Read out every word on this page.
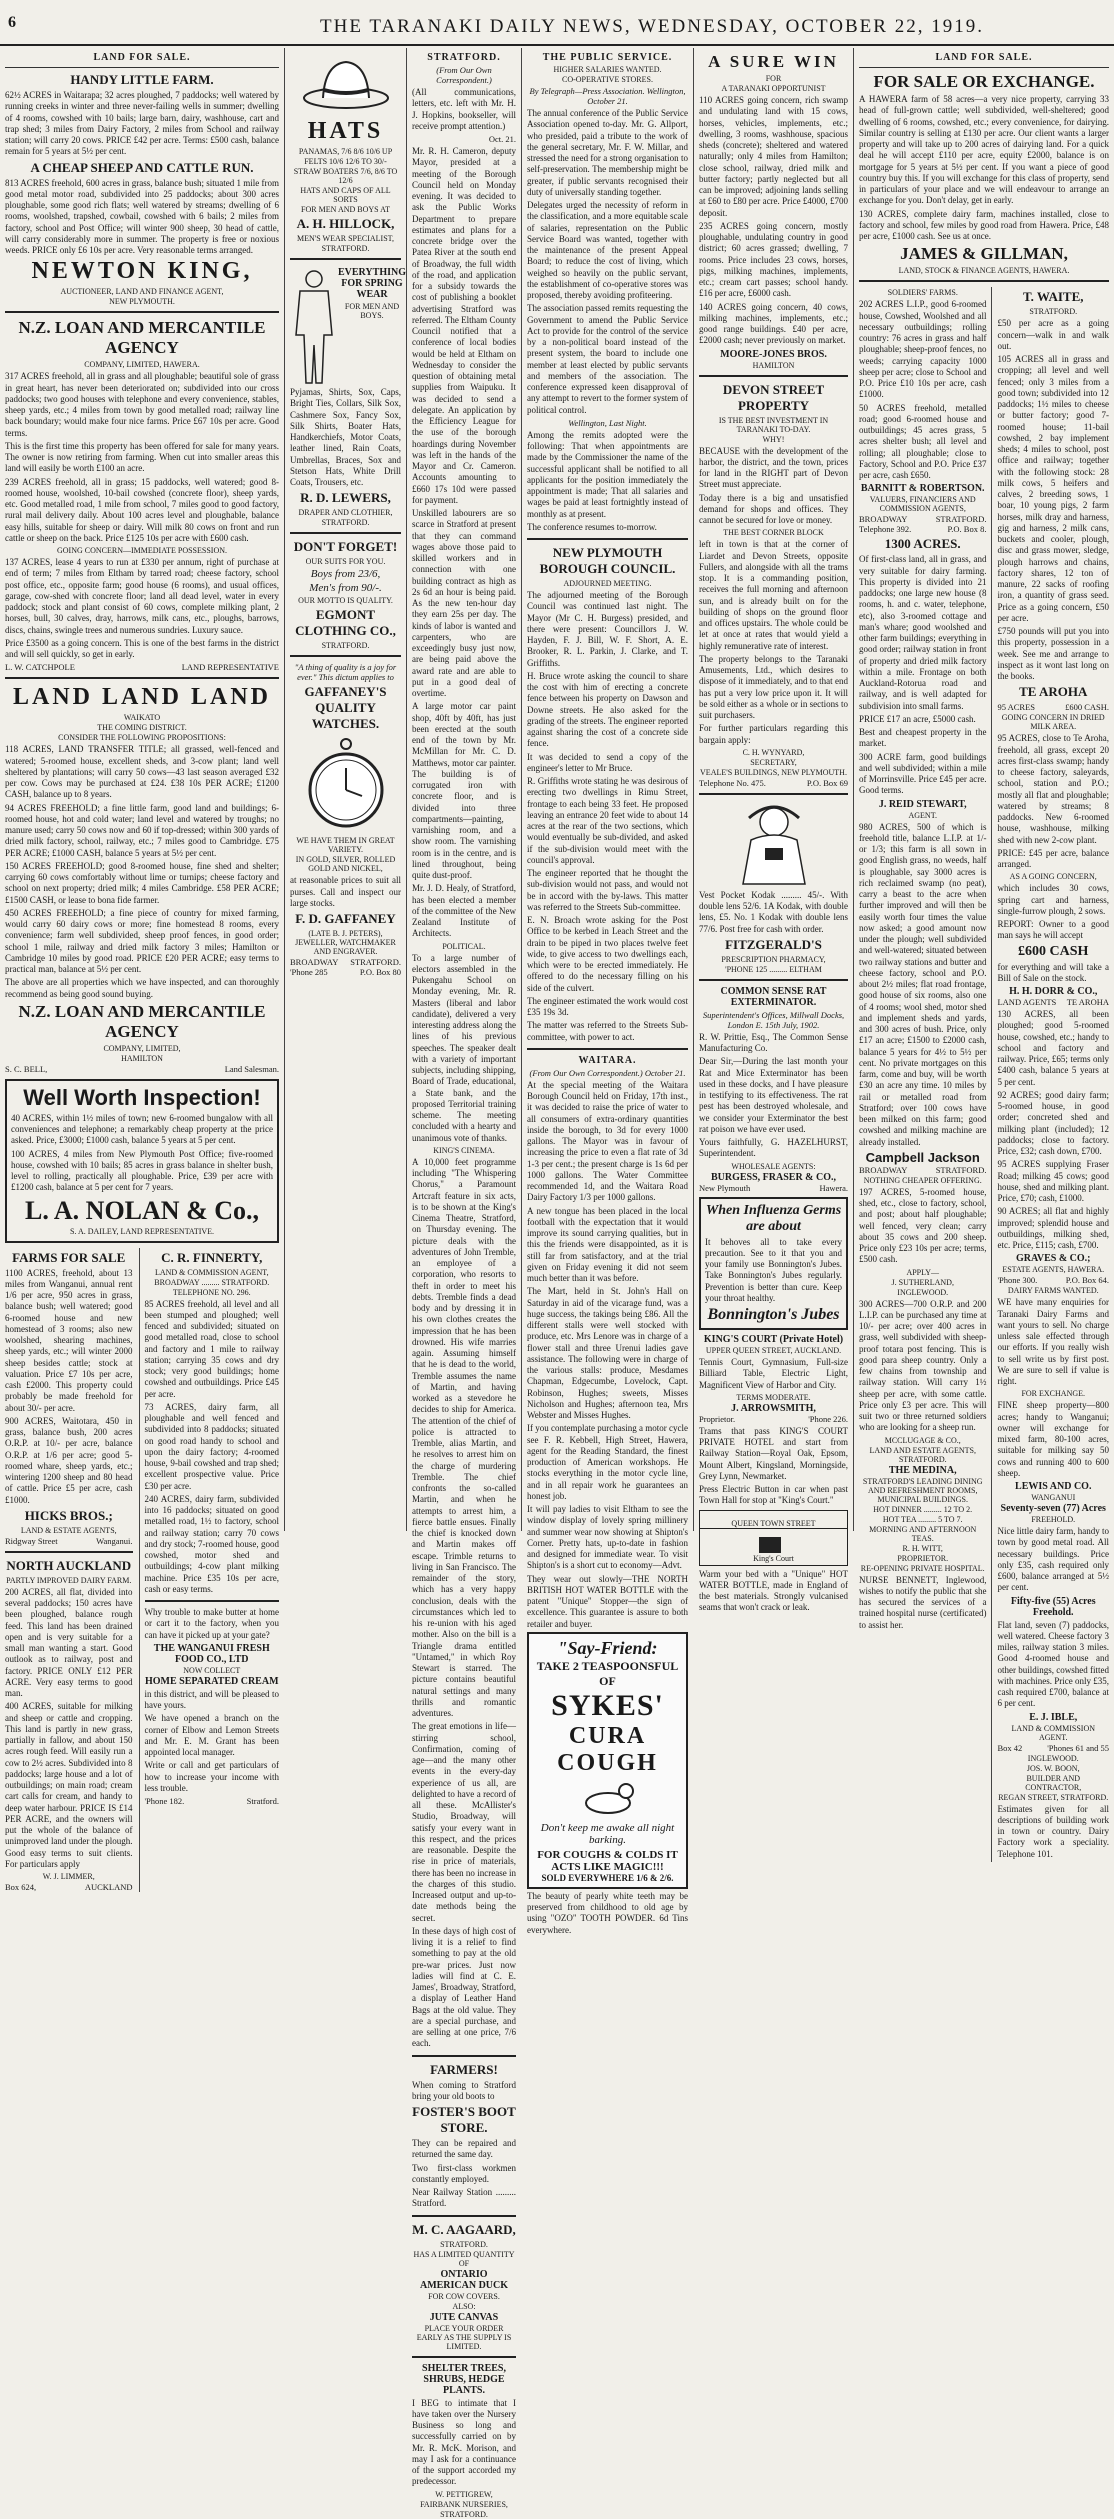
6	THE TARANAKI DAILY NEWS, WEDNESDAY, OCTOBER 22, 1919.
LAND FOR SALE.
HANDY LITTLE FARM.

62½ ACRES in Waitarapa; 32 acres ploughed, 7 paddocks; well watered by running creeks in winter and three never-failing wells in summer; dwelling of 4 rooms, cowshed with 10 bails; large barn, dairy, washhouse, cart and trap shed; 3 miles from Dairy Factory, 2 miles from School and railway station; will carry 20 cows. PRICE £42 per acre. Terms: £500 cash, balance remain for 5 years at 5½ per cent.

A CHEAP SHEEP AND CATTLE RUN.

813 ACRES freehold, 600 acres in grass, balance bush; situated 1 mile from good metal motor road, subdivided into 25 paddocks; about 300 acres ploughable, some good rich flats; well watered by streams; dwelling of 6 rooms, woolshed, trapshed, cowbail, cowshed with 6 bails; 2 miles from factory, school and Post Office; will winter 900 sheep, 30 head of cattle, will carry considerably more in summer. The property is free or noxious weeds. PRICE only £6 10s per acre. Very reasonable terms arranged.

NEWTON KING,
AUCTIONEER, LAND AND FINANCE AGENT,
NEW PLYMOUTH.
N.Z. LOAN AND MERCANTILE AGENCY
COMPANY, LIMITED, HAWERA.

317 ACRES freehold, all in grass and all ploughable; beautiful sole of grass in great heart, has never been deteriorated on; subdivided into our cross paddocks; two good houses with telephone and every convenience, stables, sheep yards, etc.; 4 miles from town by good metalled road; railway line back boundary; would make four nice farms. Price £67 10s per acre. Good terms.

This is the first time this property has been offered for sale for many years. The owner is now retiring from farming. When cut into smaller areas this land will easily be worth £100 an acre.

239 ACRES freehold, all in grass; 15 paddocks, well watered; good 8-roomed house, woolshed, 10-bail cowshed (concrete floor), sheep yards, etc. Good metalled road, 1 mile from school, 7 miles good to good factory, rural mail delivery daily. About 100 acres level and ploughable, balance easy hills, suitable for sheep or dairy. Will milk 80 cows on front and run cattle or sheep on the back. Price £125 10s per acre with £600 cash.

GOING CONCERN—IMMEDIATE POSSESSION.

137 ACRES, lease 4 years to run at £330 per annum, right of purchase at end of term; 7 miles from Eltham by tarred road; cheese factory, school post office, etc., opposite farm; good house (6 rooms), and usual offices, garage, cow-shed with concrete floor; land all dead level, water in every paddock; stock and plant consist of 60 cows, complete milking plant, 2 horses, bull, 30 calves, dray, harrows, milk cans, etc., ploughs, barrows, discs, chains, swingle trees and numerous sundries. Luxury sauce.

Price £3500 as a going concern. This is one of the best farms in the district and will sell quickly, so get in early.

L. W. CATCHPOLE	LAND REPRESENTATIVE
LAND LAND LAND
WAIKATO
THE COMING DISTRICT.
CONSIDER THE FOLLOWING PROPOSITIONS:

118 ACRES, LAND TRANSFER TITLE; all grassed, well-fenced and watered; 5-roomed house, excellent sheds, and 3-cow plant; land well sheltered by plantations; will carry 50 cows—43 last season averaged £32 per cow. Cows may be purchased at £24. £38 10s PER ACRE; £1200 CASH, balance up to 8 years.

94 ACRES FREEHOLD; a fine little farm, good land and buildings; 6-roomed house, hot and cold water; land level and watered by troughs; no manure used; carry 50 cows now and 60 if top-dressed; within 300 yards of dried milk factory, school, railway, etc.; 7 miles good to Cambridge. £75 PER ACRE; £1000 CASH, balance 5 years at 5½ per cent.

150 ACRES FREEHOLD; good 8-roomed house, fine shed and shelter; carrying 60 cows comfortably without lime or turnips; cheese factory and school on next property; dried milk; 4 miles Cambridge. £58 PER ACRE; £1500 CASH, or lease to bona fide farmer.

450 ACRES FREEHOLD; a fine piece of country for mixed farming, would carry 60 dairy cows or more; fine homestead 8 rooms, every convenience; farm well subdivided, sheep proof fences, in good order; school 1 mile, railway and dried milk factory 3 miles; Hamilton or Cambridge 10 miles by good road. PRICE £20 PER ACRE; easy terms to practical man, balance at 5½ per cent.

The above are all properties which we have inspected, and can thoroughly recommend as being good sound buying.

N.Z. LOAN AND MERCANTILE AGENCY
COMPANY, LIMITED,
HAMILTON
S. C. BELL,	Land Salesman.
Well Worth Inspection!

40 ACRES, within 1½ miles of town; new 6-roomed bungalow with all conveniences and telephone; a remarkably cheap property at the price asked. Price, £3000; £1000 cash, balance 5 years at 5 per cent.

100 ACRES, 4 miles from New Plymouth Post Office; five-roomed house, cowshed with 10 bails; 85 acres in grass balance in shelter bush, level to rolling, practically all ploughable. Price, £39 per acre with £1200 cash, balance at 5 per cent for 7 years.

L. A. NOLAN & Co.,
S. A. DAILEY, LAND REPRESENTATIVE.
FARMS FOR SALE

1100 ACRES, freehold, about 13 miles from Wanganui, annual rent 1/6 per acre, 950 acres in grass, balance bush; well watered; good 6-roomed house and new homestead of 3 rooms; also new woolshed, shearing machines, sheep yards, etc.; will winter 2000 sheep besides cattle; stock at valuation. Price £7 10s per acre, cash £2000. This property could probably be made freehold for about 30/- per acre.

900 ACRES, Waitotara, 450 in grass, balance bush, 200 acres O.R.P. at 10/- per acre, balance O.R.P. at 1/6 per acre; good 5-roomed whare, sheep yards, etc.; wintering 1200 sheep and 80 head of cattle. Price £5 per acre, cash £1000.

HICKS BROS.;
LAND & ESTATE AGENTS,
Ridgway Street	Wanganui.
NORTH AUCKLAND
PARTLY IMPROVED DAIRY FARM.

200 ACRES, all flat, divided into several paddocks; 150 acres have been ploughed, balance rough feed. This land has been drained open and is very suitable for a small man wanting a start. Good outlook as to railway, post and factory. PRICE ONLY £12 PER ACRE. Very easy terms to good man.

400 ACRES, suitable for milking and sheep or cattle and cropping. This land is partly in new grass, partially in fallow, and about 150 acres rough feed. Will easily run a cow to 2½ acres. Subdivided into 8 paddocks; large house and a lot of outbuildings; on main road; cream cart calls for cream, and handy to deep water harbour. PRICE IS £14 PER ACRE, and the owners will put the whole of the balance of unimproved land under the plough. Good easy terms to suit clients. For particulars apply

W. J. LIMMER,
Box 624,	AUCKLAND
C. R. FINNERTY,
LAND & COMMISSION AGENT,
BROADWAY ......... STRATFORD.
TELEPHONE NO. 296.

85 ACRES freehold, all level and all been stumped and ploughed; well fenced and subdivided; situated on good metalled road, close to school and factory and 1 mile to railway station; carrying 35 cows and dry stock; very good buildings; home cowshed and outbuildings. Price £45 per acre.

73 ACRES, dairy farm, all ploughable and well fenced and subdivided into 8 paddocks; situated on good road handy to school and upon the dairy factory; 4-roomed house, 9-bail cowshed and trap shed; excellent prospective value. Price £30 per acre.

240 ACRES, dairy farm, subdivided into 16 paddocks; situated on good metalled road, 1½ to factory, school and railway station; carry 70 cows and dry stock; 7-roomed house, good cowshed, motor shed and outbuildings; 4-cow plant milking machine. Price £35 10s per acre, cash or easy terms.

Why trouble to make butter at home or cart it to the factory, when you can have it picked up at your gate?

THE WANGANUI FRESH FOOD CO., LTD
NOW COLLECT
HOME SEPARATED CREAM

in this district, and will be pleased to have yours.

We have opened a branch on the corner of Elbow and Lemon Streets and Mr. E. M. Grant has been appointed local manager.

Write or call and get particulars of how to increase your income with less trouble.

'Phone 182.	Stratford.
HATS
PANAMAS, 7/6 8/6 10/6 UP
FELTS 10/6 12/6 TO 30/-
STRAW BOATERS 7/6, 8/6 TO 12/6
HATS AND CAPS OF ALL SORTS
FOR MEN AND BOYS AT
A. H. HILLOCK,
MEN'S WEAR SPECIALIST,
STRATFORD.
EVERYTHING FOR SPRING WEAR
FOR MEN AND BOYS.

Pyjamas, Shirts, Sox, Caps, Bright Ties, Collars, Silk Sox, Cashmere Sox, Fancy Sox, Silk Shirts, Boater Hats, Handkerchiefs, Motor Coats, leather lined, Rain Coats, Umbrellas, Braces, Sox and Stetson Hats, White Drill Coats, Trousers, etc.

R. D. LEWERS,
DRAPER AND CLOTHIER,
STRATFORD.
DON'T FORGET!
OUR SUITS FOR YOU.
Boys from 23/6,
Men's from 90/-.
OUR MOTTO IS QUALITY.
EGMONT CLOTHING CO.,
STRATFORD.
"A thing of quality is a joy for ever." This dictum applies to
GAFFANEY'S QUALITY WATCHES.
WE HAVE THEM IN GREAT VARIETY.
IN GOLD, SILVER, ROLLED GOLD AND NICKEL,

at reasonable prices to suit all purses. Call and inspect our large stocks.

F. D. GAFFANEY
(LATE B. J. PETERS), JEWELLER, WATCHMAKER AND ENGRAVER.
BROADWAY STRATFORD.
'Phone 285	P.O. Box 80
STRATFORD.
(From Our Own Correspondent.)

(All communications, letters, etc. left with Mr. H. J. Hopkins, bookseller, will receive prompt attention.)

Oct. 21.

Mr. R. H. Cameron, deputy Mayor, presided at a meeting of the Borough Council held on Monday evening. It was decided to ask the Public Works Department to prepare estimates and plans for a concrete bridge over the Patea River at the south end of Broadway, the full width of the road, and application for a subsidy towards the cost of publishing a booklet advertising Stratford was referred. The Eltham County Council notified that a conference of local bodies would be held at Eltham on Wednesday to consider the question of obtaining metal supplies from Waipuku. It was decided to send a delegate. An application by the Efficiency League for the use of the borough hoardings during November was left in the hands of the Mayor and Cr. Cameron. Accounts amounting to £660 17s 10d were passed for payment.

Unskilled labourers are so scarce in Stratford at present that they can command wages above those paid to skilled workers and in connection with one building contract as high as 2s 6d an hour is being paid. As the new ten-hour day they earn 25s per day. The kinds of labor is wanted and carpenters, who are exceedingly busy just now, are being paid above the award rate and are able to put in a good deal of overtime.

A large motor car paint shop, 40ft by 40ft, has just been erected at the south end of the town by Mr. McMillan for Mr. C. D. Matthews, motor car painter. The building is of corrugated iron with concrete floor, and is divided into three compartments—painting, varnishing room, and a show room. The varnishing room is in the centre, and is lined throughout, being quite dust-proof.

Mr. J. D. Healy, of Stratford, has been elected a member of the committee of the New Zealand Institute of Architects.

POLITICAL.

To a large number of electors assembled in the Pukengahu School on Monday evening, Mr. R. Masters (liberal and labor candidate), delivered a very interesting address along the lines of his previous speeches. The speaker dealt with a variety of important subjects, including shipping, Board of Trade, educational, a State bank, and the proposed Territorial training scheme. The meeting concluded with a hearty and unanimous vote of thanks.

KING'S CINEMA.

A 10,000 feet programme including "The Whispering Chorus," a Paramount Artcraft feature in six acts, is to be shown at the King's Cinema Theatre, Stratford, on Thursday evening. The picture deals with the adventures of John Tremble, an employee of a corporation, who resorts to theft in order to meet his debts. Tremble finds a dead body and by dressing it in his own clothes creates the impression that he has been drowned. His wife marries again. Assuming himself that he is dead to the world, Tremble assumes the name of Martin, and having worked as a stevedore he decides to ship for America. The attention of the chief of police is attracted to Tremble, alias Martin, and he resolves to arrest him on the charge of murdering Tremble. The chief confronts the so-called Martin, and when he attempts to arrest him, a fierce battle ensues. Finally the chief is knocked down and Martin makes off escape. Trimble returns to living in San Francisco. The remainder of the story, which has a very happy conclusion, deals with the circumstances which led to his re-union with his aged mother. Also on the bill is a Triangle drama entitled "Untamed," in which Roy Stewart is starred. The picture contains beautiful natural settings and many thrills and romantic adventures.

The great emotions in life—stirring school, Confirmation, coming of age—and the many other events in the every-day experience of us all, are delighted to have a record of all these. McAllister's Studio, Broadway, will satisfy your every want in this respect, and the prices are reasonable. Despite the rise in price of materials, there has been no increase in the charges of this studio. Increased output and up-to-date methods being the secret.

In these days of high cost of living it is a relief to find something to pay at the old pre-war prices. Just now ladies will find at C. E. James', Broadway, Stratford, a display of Leather Hand Bags at the old value. They are a special purchase, and are selling at one price, 7/6 each.

FARMERS!

When coming to Stratford bring your old boots to

FOSTER'S BOOT STORE.

They can be repaired and returned the same day.

Two first-class workmen constantly employed.

Near Railway Station ......... Stratford.

M. C. AAGAARD,
STRATFORD.
HAS A LIMITED QUANTITY OF
ONTARIO AMERICAN DUCK
FOR COW COVERS.
ALSO:
JUTE CANVAS
PLACE YOUR ORDER EARLY AS THE SUPPLY IS LIMITED.
SHELTER TREES, SHRUBS, HEDGE PLANTS.

I BEG to intimate that I have taken over the Nursery Business so long and successfully carried on by Mr. R. McK. Morison, and may I ask for a continuance of the support accorded my predecessor.

W. PETTIGREW,
FAIRBANK NURSERIES,
STRATFORD.
THE PUBLIC SERVICE.
HIGHER SALARIES WANTED.
CO-OPERATIVE STORES.
By Telegraph—Press Association. Wellington, October 21.

The annual conference of the Public Service Association opened to-day. Mr. G. Allport, who presided, paid a tribute to the work of the general secretary, Mr. F. W. Millar, and stressed the need for a strong organisation to self-preservation. The membership might be greater, if public servants recognised their duty of universally standing together.

Delegates urged the necessity of reform in the classification, and a more equitable scale of salaries, representation on the Public Service Board was wanted, together with the maintenance of the present Appeal Board; to reduce the cost of living, which weighed so heavily on the public servant, the establishment of co-operative stores was proposed, thereby avoiding profiteering.

The association passed remits requesting the Government to amend the Public Service Act to provide for the control of the service by a non-political board instead of the present system, the board to include one member at least elected by public servants and members of the association. The conference expressed keen disapproval of any attempt to revert to the former system of political control.

Wellington, Last Night.

Among the remits adopted were the following: That when appointments are made by the Commissioner the name of the successful applicant shall be notified to all applicants for the position immediately the appointment is made; That all salaries and wages be paid at least fortnightly instead of monthly as at present.

The conference resumes to-morrow.

NEW PLYMOUTH BOROUGH COUNCIL.
ADJOURNED MEETING.

The adjourned meeting of the Borough Council was continued last night. The Mayor (Mr C. H. Burgess) presided, and there were present: Councillors J. W. Hayden, F. J. Bill, W. F. Short, A. E. Brooker, R. L. Parkin, J. Clarke, and T. Griffiths.

H. Bruce wrote asking the council to share the cost with him of erecting a concrete fence between his property on Dawson and Downe streets. He also asked for the grading of the streets. The engineer reported against sharing the cost of a concrete side fence.

It was decided to send a copy of the engineer's letter to Mr Bruce.

R. Griffiths wrote stating he was desirous of erecting two dwellings in Rimu Street, frontage to each being 33 feet. He proposed leaving an entrance 20 feet wide to about 14 acres at the rear of the two sections, which would eventually be sub-divided, and asked if the sub-division would meet with the council's approval.

The engineer reported that he thought the sub-division would not pass, and would not be in accord with the by-laws. This matter was referred to the Streets Sub-committee.

E. N. Broach wrote asking for the Post Office to be kerbed in Leach Street and the drain to be piped in two places twelve feet wide, to give access to two dwellings each, which were to be erected immediately. He offered to do the necessary filling on his side of the culvert.

The engineer estimated the work would cost £35 19s 3d.

The matter was referred to the Streets Sub-committee, with power to act.

WAITARA.
(From Our Own Correspondent.) October 21.

At the special meeting of the Waitara Borough Council held on Friday, 17th inst., it was decided to raise the price of water to all consumers of extra-ordinary quantities inside the borough, to 3d for every 1000 gallons. The Mayor was in favour of increasing the price to even a flat rate of 3d 1-3 per cent.; the present charge is 1s 6d per 1000 gallons. The Water Committee recommended 1d, and the Waitara Road Dairy Factory 1/3 per 1000 gallons.

A new tongue has been placed in the local football with the expectation that it would improve its sound carrying qualities, but in this the friends were disappointed, as it is still far from satisfactory, and at the trial given on Friday evening it did not seem much better than it was before.

The Mart, held in St. John's Hall on Saturday in aid of the vicarage fund, was a huge success, the takings being £86. All the different stalls were well stocked with produce, etc. Mrs Lenore was in charge of a flower stall and three Urenui ladies gave assistance. The following were in charge of the various stalls: produce, Mesdames Chapman, Edgecumbe, Lovelock, Capt. Robinson, Hughes; sweets, Misses Nicholson and Hughes; afternoon tea, Mrs Webster and Misses Hughes.

If you contemplate purchasing a motor cycle see F. R. Kebbell, High Street, Hawera, agent for the Reading Standard, the finest production of American workshops. He stocks everything in the motor cycle line, and in all repair work he guarantees an honest job.

It will pay ladies to visit Eltham to see the window display of lovely spring millinery and summer wear now showing at Shipton's Corner. Pretty hats, up-to-date in fashion and designed for immediate wear. To visit Shipton's is a short cut to economy—Advt.

They wear out slowly—THE NORTH BRITISH HOT WATER BOTTLE with the patent "Unique" Stopper—the sign of excellence. This guarantee is assure to both retailer and buyer.

"Say-Friend:
TAKE 2 TEASPOONSFUL
OF
SYKES'
CURA COUGH
Don't keep me awake all night barking.
FOR COUGHS & COLDS IT ACTS LIKE MAGIC!!!
SOLD EVERYWHERE 1/6 & 2/6.

The beauty of pearly white teeth may be preserved from childhood to old age by using "OZO" TOOTH POWDER. 6d Tins everywhere.

A SURE WIN
FOR
A TARANAKI OPPORTUNIST

110 ACRES going concern, rich swamp and undulating land with 15 cows, horses, vehicles, implements, etc.; dwelling, 3 rooms, washhouse, spacious sheds (concrete); sheltered and watered naturally; only 4 miles from Hamilton; close school, railway, dried milk and butter factory; partly neglected but all can be improved; adjoining lands selling at £60 to £80 per acre. Price £4000, £700 deposit.

235 ACRES going concern, mostly ploughable, undulating country in good district; 60 acres grassed; dwelling, 7 rooms. Price includes 23 cows, horses, pigs, milking machines, implements, etc.; cream cart passes; school handy. £16 per acre, £6000 cash.

140 ACRES going concern, 40 cows, milking machines, implements, etc.; good range buildings. £40 per acre, £2000 cash; never previously on market.

MOORE-JONES BROS.
HAMILTON
DEVON STREET PROPERTY
IS THE BEST INVESTMENT IN TARANAKI TO-DAY.
WHY!

BECAUSE with the development of the harbor, the district, and the town, prices for land in the RIGHT part of Devon Street must appreciate.

Today there is a big and unsatisfied demand for shops and offices. They cannot be secured for love or money.

THE BEST CORNER BLOCK

left in town is that at the corner of Liardet and Devon Streets, opposite Fullers, and alongside with all the trams stop. It is a commanding position, receives the full morning and afternoon sun, and is already built on for the building of shops on the ground floor and offices upstairs. The whole could be let at once at rates that would yield a highly remunerative rate of interest.

The property belongs to the Taranaki Amusements, Ltd., which desires to dispose of it immediately, and to that end has put a very low price upon it. It will be sold either as a whole or in sections to suit purchasers.

For further particulars regarding this bargain apply:

C. H. WYNYARD,
SECRETARY,
VEALE'S BUILDINGS, NEW PLYMOUTH.
Telephone No. 475.	P.O. Box 69

Vest Pocket Kodak ......... 45/-. With double lens 52/6. 1A Kodak, with double lens, £5. No. 1 Kodak with double lens 77/6. Post free for cash with order.

FITZGERALD'S
PRESCRIPTION PHARMACY,
'PHONE 125 ......... ELTHAM
COMMON SENSE RAT EXTERMINATOR.
Superintendent's Offices, Millwall Docks, London E. 15th July, 1902.

R. W. Prittie, Esq., The Common Sense Manufacturing Co.

Dear Sir,—During the last month your Rat and Mice Exterminator has been used in these docks, and I have pleasure in testifying to its effectiveness. The rat pest has been destroyed wholesale, and we consider your Exterminator the best rat poison we have ever used.

Yours faithfully, G. HAZELHURST, Superintendent.

WHOLESALE AGENTS:
BURGESS, FRASER & CO.,
New Plymouth	Hawera.
When Influenza Germs are about

It behoves all to take every precaution. See to it that you and your family use Bonnington's Jubes. Take Bonnington's Jubes regularly. Prevention is better than cure. Keep your throat healthy.

Bonnington's Jubes
KING'S COURT (Private Hotel)
UPPER QUEEN STREET, AUCKLAND.

Tennis Court, Gymnasium, Full-size Billiard Table, Electric Light, Magnificent View of Harbor and City.

TERMS MODERATE.
J. ARROWSMITH,
Proprietor.	'Phone 226.

Trams that pass KING'S COURT PRIVATE HOTEL and start from Railway Station—Royal Oak, Epsom, Mount Albert, Kingsland, Morningside, Grey Lynn, Newmarket.

Press Electric Button in car when past Town Hall for stop at "King's Court."

QUEEN TOWN STREET
King's Court

Warm your bed with a "Unique" HOT WATER BOTTLE, made in England of the best materials. Strongly vulcanised seams that won't crack or leak.

LAND FOR SALE.
FOR SALE OR EXCHANGE.

A HAWERA farm of 58 acres—a very nice property, carrying 33 head of full-grown cattle; well subdivided, well-sheltered; good dwelling of 6 rooms, cowshed, etc.; every convenience, for dairying. Similar country is selling at £130 per acre. Our client wants a larger property and will take up to 200 acres of dairying land. For a quick deal he will accept £110 per acre, equity £2000, balance is on mortgage for 5 years at 5½ per cent. If you want a piece of good country buy this. If you will exchange for this class of property, send in particulars of your place and we will endeavour to arrange an exchange for you. Don't delay, get in early.

130 ACRES, complete dairy farm, machines installed, close to factory and school, few miles by good road from Hawera. Price, £48 per acre, £1000 cash. See us at once.

JAMES & GILLMAN,
LAND, STOCK & FINANCE AGENTS, HAWERA.
SOLDIERS' FARMS.

202 ACRES L.I.P., good 6-roomed house, Cowshed, Woolshed and all necessary outbuildings; rolling country: 76 acres in grass and half ploughable; sheep-proof fences, no weeds; carrying capacity 1000 sheep per acre; close to School and P.O. Price £10 10s per acre, cash £1000.

50 ACRES freehold, metalled road; good 6-roomed house and outbuildings; 45 acres grass, 5 acres shelter bush; all level and rolling; all ploughable; close to Factory, School and P.O. Price £37 per acre, cash £650.

BARNITT & ROBERTSON.
VALUERS, FINANCIERS AND COMMISSION AGENTS,
BROADWAY	STRATFORD.
Telephone 392.	P.O. Box 8.
1300 ACRES.

Of first-class land, all in grass, and very suitable for dairy farming. This property is divided into 21 paddocks; one large new house (8 rooms, h. and c. water, telephone, etc), also 3-roomed cottage and man's whare; good woolshed and other farm buildings; everything in good order; railway station in front of property and dried milk factory within a mile. Frontage on both Auckland-Rotorua road and railway, and is well adapted for subdivision into small farms.

PRICE £17 an acre, £5000 cash.

Best and cheapest property in the market.

300 ACRE farm, good buildings and well subdivided; within a mile of Morrinsville. Price £45 per acre. Good terms.

J. REID STEWART,
AGENT.

980 ACRES, 500 of which is freehold title, balance L.I.P. at 1/- or 1/3; this farm is all sown in good English grass, no weeds, half is ploughable, say 3000 acres is rich reclaimed swamp (no peat), carry a beast to the acre when further improved and will then be easily worth four times the value now asked; a good amount now under the plough; well subdivided and well-watered; situated between two railway stations and butter and cheese factory, school and P.O. about 2½ miles; flat road frontage, good house of six rooms, also one of 4 rooms; wool shed, motor shed and implement sheds and yards, and 300 acres of bush. Price, only £17 an acre; £1500 to £2000 cash, balance 5 years for 4½ to 5½ per cent. No private mortgages on this farm, come and buy, will be worth £30 an acre any time. 10 miles by rail or metalled road from Stratford; over 100 cows have been milked on this farm; good cowshed and milking machine are already installed.

Campbell Jackson
BROADWAY	STRATFORD.
NOTHING CHEAPER OFFERING.

197 ACRES, 5-roomed house, shed, etc., close to factory, school, and post; about half ploughable; well fenced, very clean; carry about 35 cows and 200 sheep. Price only £23 10s per acre; terms, £500 cash.

APPLY—
J. SUTHERLAND,
INGLEWOOD.

300 ACRES—700 O.R.P. and 200 L.I.P. can be purchased any time at 10/- per acre; over 400 acres in grass, well subdivided with sheep-proof totara post fencing. This is good para sheep country. Only a few chains from township and railway station. Will carry 1½ sheep per acre, with some cattle. Price only £3 per acre. This will suit two or three returned soldiers who are looking for a sheep run.

MCCLUGAGE & CO.,
LAND AND ESTATE AGENTS, STRATFORD.
THE MEDINA,
STRATFORD'S LEADING DINING AND REFRESHMENT ROOMS, MUNICIPAL BUILDINGS.
HOT DINNER ......... 12 TO 2.
HOT TEA ......... 5 TO 7.
MORNING AND AFTERNOON TEAS.
R. H. WITT,
PROPRIETOR.
RE-OPENING PRIVATE HOSPITAL.

NURSE BENNETT, Inglewood, wishes to notify the public that she has secured the services of a trained hospital nurse (certificated) to assist her.

T. WAITE,
STRATFORD.

£50 per acre as a going concern—walk in and walk out.

105 ACRES all in grass and cropping; all level and well fenced; only 3 miles from a good town; subdivided into 12 paddocks; 1½ miles to cheese or butter factory; good 7-roomed house; 11-bail cowshed, 2 bay implement sheds; 4 miles to school, post office and railway; together with the following stock: 28 milk cows, 5 heifers and calves, 2 breeding sows, 1 boar, 10 young pigs, 2 farm horses, milk dray and harness, gig and harness, 2 milk cans, buckets and cooler, plough, disc and grass mower, sledge, plough harrows and chains, factory shares, 12 ton of manure, 22 sacks of roofing iron, a quantity of grass seed. Price as a going concern, £50 per acre.

£750 pounds will put you into this property, possession in a week. See me and arrange to inspect as it wont last long on the books.

TE AROHA
95 ACRES	£600 CASH.
GOING CONCERN IN DRIED MILK AREA.

95 ACRES, close to Te Aroha, freehold, all grass, except 20 acres first-class swamp; handy to cheese factory, saleyards, school, station and P.O.; mostly all flat and ploughable; watered by streams; 8 paddocks. New 6-roomed house, washhouse, milking shed with new 2-cow plant.

PRICE: £45 per acre, balance arranged.

AS A GOING CONCERN,

which includes 30 cows, spring cart and harness, single-furrow plough, 2 sows.

REPORT: Owner to a good man says he will accept

£600 CASH

for everything and will take a Bill of Sale on the stock.

H. H. DORR & CO.,
LAND AGENTS TE AROHA

130 ACRES, all been ploughed; good 5-roomed house, cowshed, etc.; handy to school and factory and railway. Price, £65; terms only £400 cash, balance 5 years at 5 per cent.

92 ACRES; good dairy farm; 5-roomed house, in good order; concreted shed and milking plant (included); 12 paddocks; close to factory. Price, £32; cash down, £700.

95 ACRES supplying Fraser Road; milking 45 cows; good house, shed and milking plant. Price, £70; cash, £1000.

90 ACRES; all flat and highly improved; splendid house and outbuildings, milking shed, etc. Price, £115; cash, £700.

GRAVES & CO.;
ESTATE AGENTS, HAWERA.
'Phone 300.	P.O. Box 64.
DAIRY FARMS WANTED.

WE have many enquiries for Taranaki Dairy Farms and want yours to sell. No charge unless sale effected through our efforts. If you really wish to sell write us by first post. We are sure to sell if value is right.

FOR EXCHANGE.

FINE sheep property—800 acres; handy to Wanganui; owner will exchange for mixed farm, 80-100 acres, suitable for milking say 50 cows and running 400 to 600 sheep.

LEWIS AND CO.
WANGANUI
Seventy-seven (77) Acres
FREEHOLD.

Nice little dairy farm, handy to town by good metal road. All necessary buildings. Price only £35, cash required only £600, balance arranged at 5½ per cent.

Fifty-five (55) Acres Freehold.

Flat land, seven (7) paddocks, well watered. Cheese factory 3 miles, railway station 3 miles. Good 4-roomed house and other buildings, cowshed fitted with machines. Price only £35, cash required £700, balance at 6 per cent.

E. J. IBLE,
LAND & COMMISSION AGENT.
Box 42	'Phones 61 and 55
INGLEWOOD.
JOS. W. BOON,
BUILDER AND CONTRACTOR,
REGAN STREET, STRATFORD.

Estimates given for all descriptions of building work in town or country. Dairy Factory work a speciality. Telephone 101.
